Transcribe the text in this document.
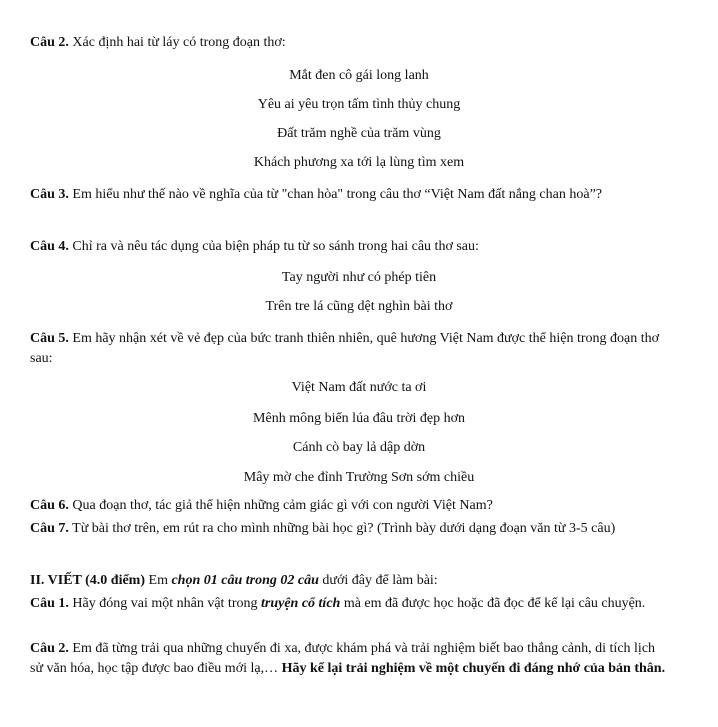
Câu 2. Xác định hai từ láy có trong đoạn thơ:

Mắt đen cô gái long lanh

Yêu ai yêu trọn tấm tình thủy chung

Đất trăm nghề của trăm vùng

Khách phương xa tới lạ lùng tìm xem

Câu 3. Em hiểu như thế nào về nghĩa của từ "chan hòa" trong câu thơ “Việt Nam đất nắng chan hoà”?

Câu 4. Chỉ ra và nêu tác dụng của biện pháp tu từ so sánh trong hai câu thơ sau:

Tay người như có phép tiên

Trên tre lá cũng dệt nghìn bài thơ

Câu 5. Em hãy nhận xét về vẻ đẹp của bức tranh thiên nhiên, quê hương Việt Nam được thể hiện trong đoạn thơ sau:

Việt Nam đất nước ta ơi

Mênh mông biển lúa đâu trời đẹp hơn

Cánh cò bay lả dập dờn

Mây mờ che đỉnh Trường Sơn sớm chiều

Câu 6. Qua đoạn thơ, tác giả thể hiện những cảm giác gì với con người Việt Nam?

Câu 7. Từ bài thơ trên, em rút ra cho mình những bài học gì? (Trình bày dưới dạng đoạn văn từ 3-5 câu)

II. VIẾT (4.0 điểm) Em chọn 01 câu trong 02 câu dưới đây để làm bài:

Câu 1. Hãy đóng vai một nhân vật trong truyện cổ tích mà em đã được học hoặc đã đọc để kể lại câu chuyện.

Câu 2. Em đã từng trải qua những chuyến đi xa, được khám phá và trải nghiệm biết bao thắng cảnh, di tích lịch sử văn hóa, học tập được bao điều mới lạ,… Hãy kể lại trải nghiệm về một chuyến đi đáng nhớ của bản thân.
